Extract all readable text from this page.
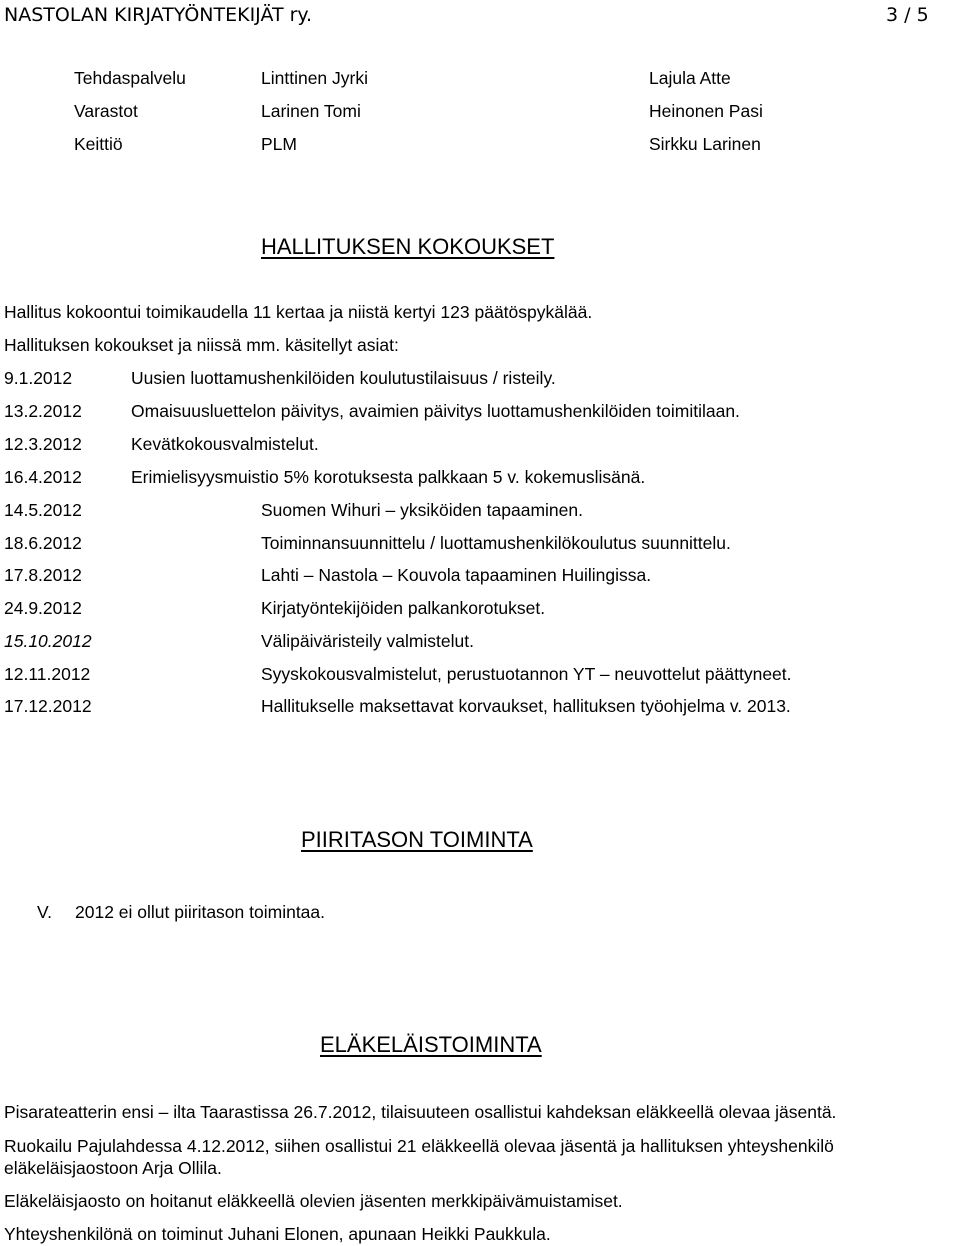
NASTOLAN KIRJATYÖNTEKIJÄT ry.	3 / 5
Tehdaspalvelu	Linttinen Jyrki	Lajula Atte
Varastot	Larinen Tomi	Heinonen Pasi
Keittiö	PLM	Sirkku Larinen
HALLITUKSEN KOKOUKSET
Hallitus kokoontui toimikaudella 11 kertaa ja niistä kertyi 123 päätöspykälää.
Hallituksen kokoukset ja niissä mm. käsitellyt asiat:
9.1.2012	Uusien luottamushenkilöiden koulutustilaisuus / risteily.
13.2.2012	Omaisuusluettelon päivitys, avaimien päivitys luottamushenkilöiden toimitilaan.
12.3.2012	Kevätkokousvalmistelut.
16.4.2012	Erimielisyysmuistio 5% korotuksesta palkkaan 5 v. kokemuslisänä.
14.5.2012	Suomen Wihuri – yksiköiden tapaaminen.
18.6.2012	Toiminnansuunnittelu / luottamushenkilökoulutus suunnittelu.
17.8.2012	Lahti – Nastola – Kouvola tapaaminen Huilingissa.
24.9.2012	Kirjatyöntekijöiden palkankorotukset.
15.10.2012	Välipäiväristeily valmistelut.
12.11.2012	Syyskokousvalmistelut, perustuotannon YT – neuvottelut päättyneet.
17.12.2012	Hallitukselle maksettavat korvaukset, hallituksen työohjelma v. 2013.
PIIRITASON TOIMINTA
V. 2012 ei ollut piiritason toimintaa.
ELÄKELÄISTOIMINTA
Pisarateatterin ensi – ilta Taarastissa 26.7.2012, tilaisuuteen osallistui kahdeksan eläkkeellä olevaa jäsentä.
Ruokailu Pajulahdessa 4.12.2012, siihen osallistui 21 eläkkeellä olevaa jäsentä ja hallituksen yhteyshenkilö
eläkeläisjaostoon Arja Ollila.
Eläkeläisjaosto on hoitanut eläkkeellä olevien jäsenten merkkipäivämuistamiset.
Yhteyshenkilönä on toiminut Juhani Elonen, apunaan Heikki Paukkula.
